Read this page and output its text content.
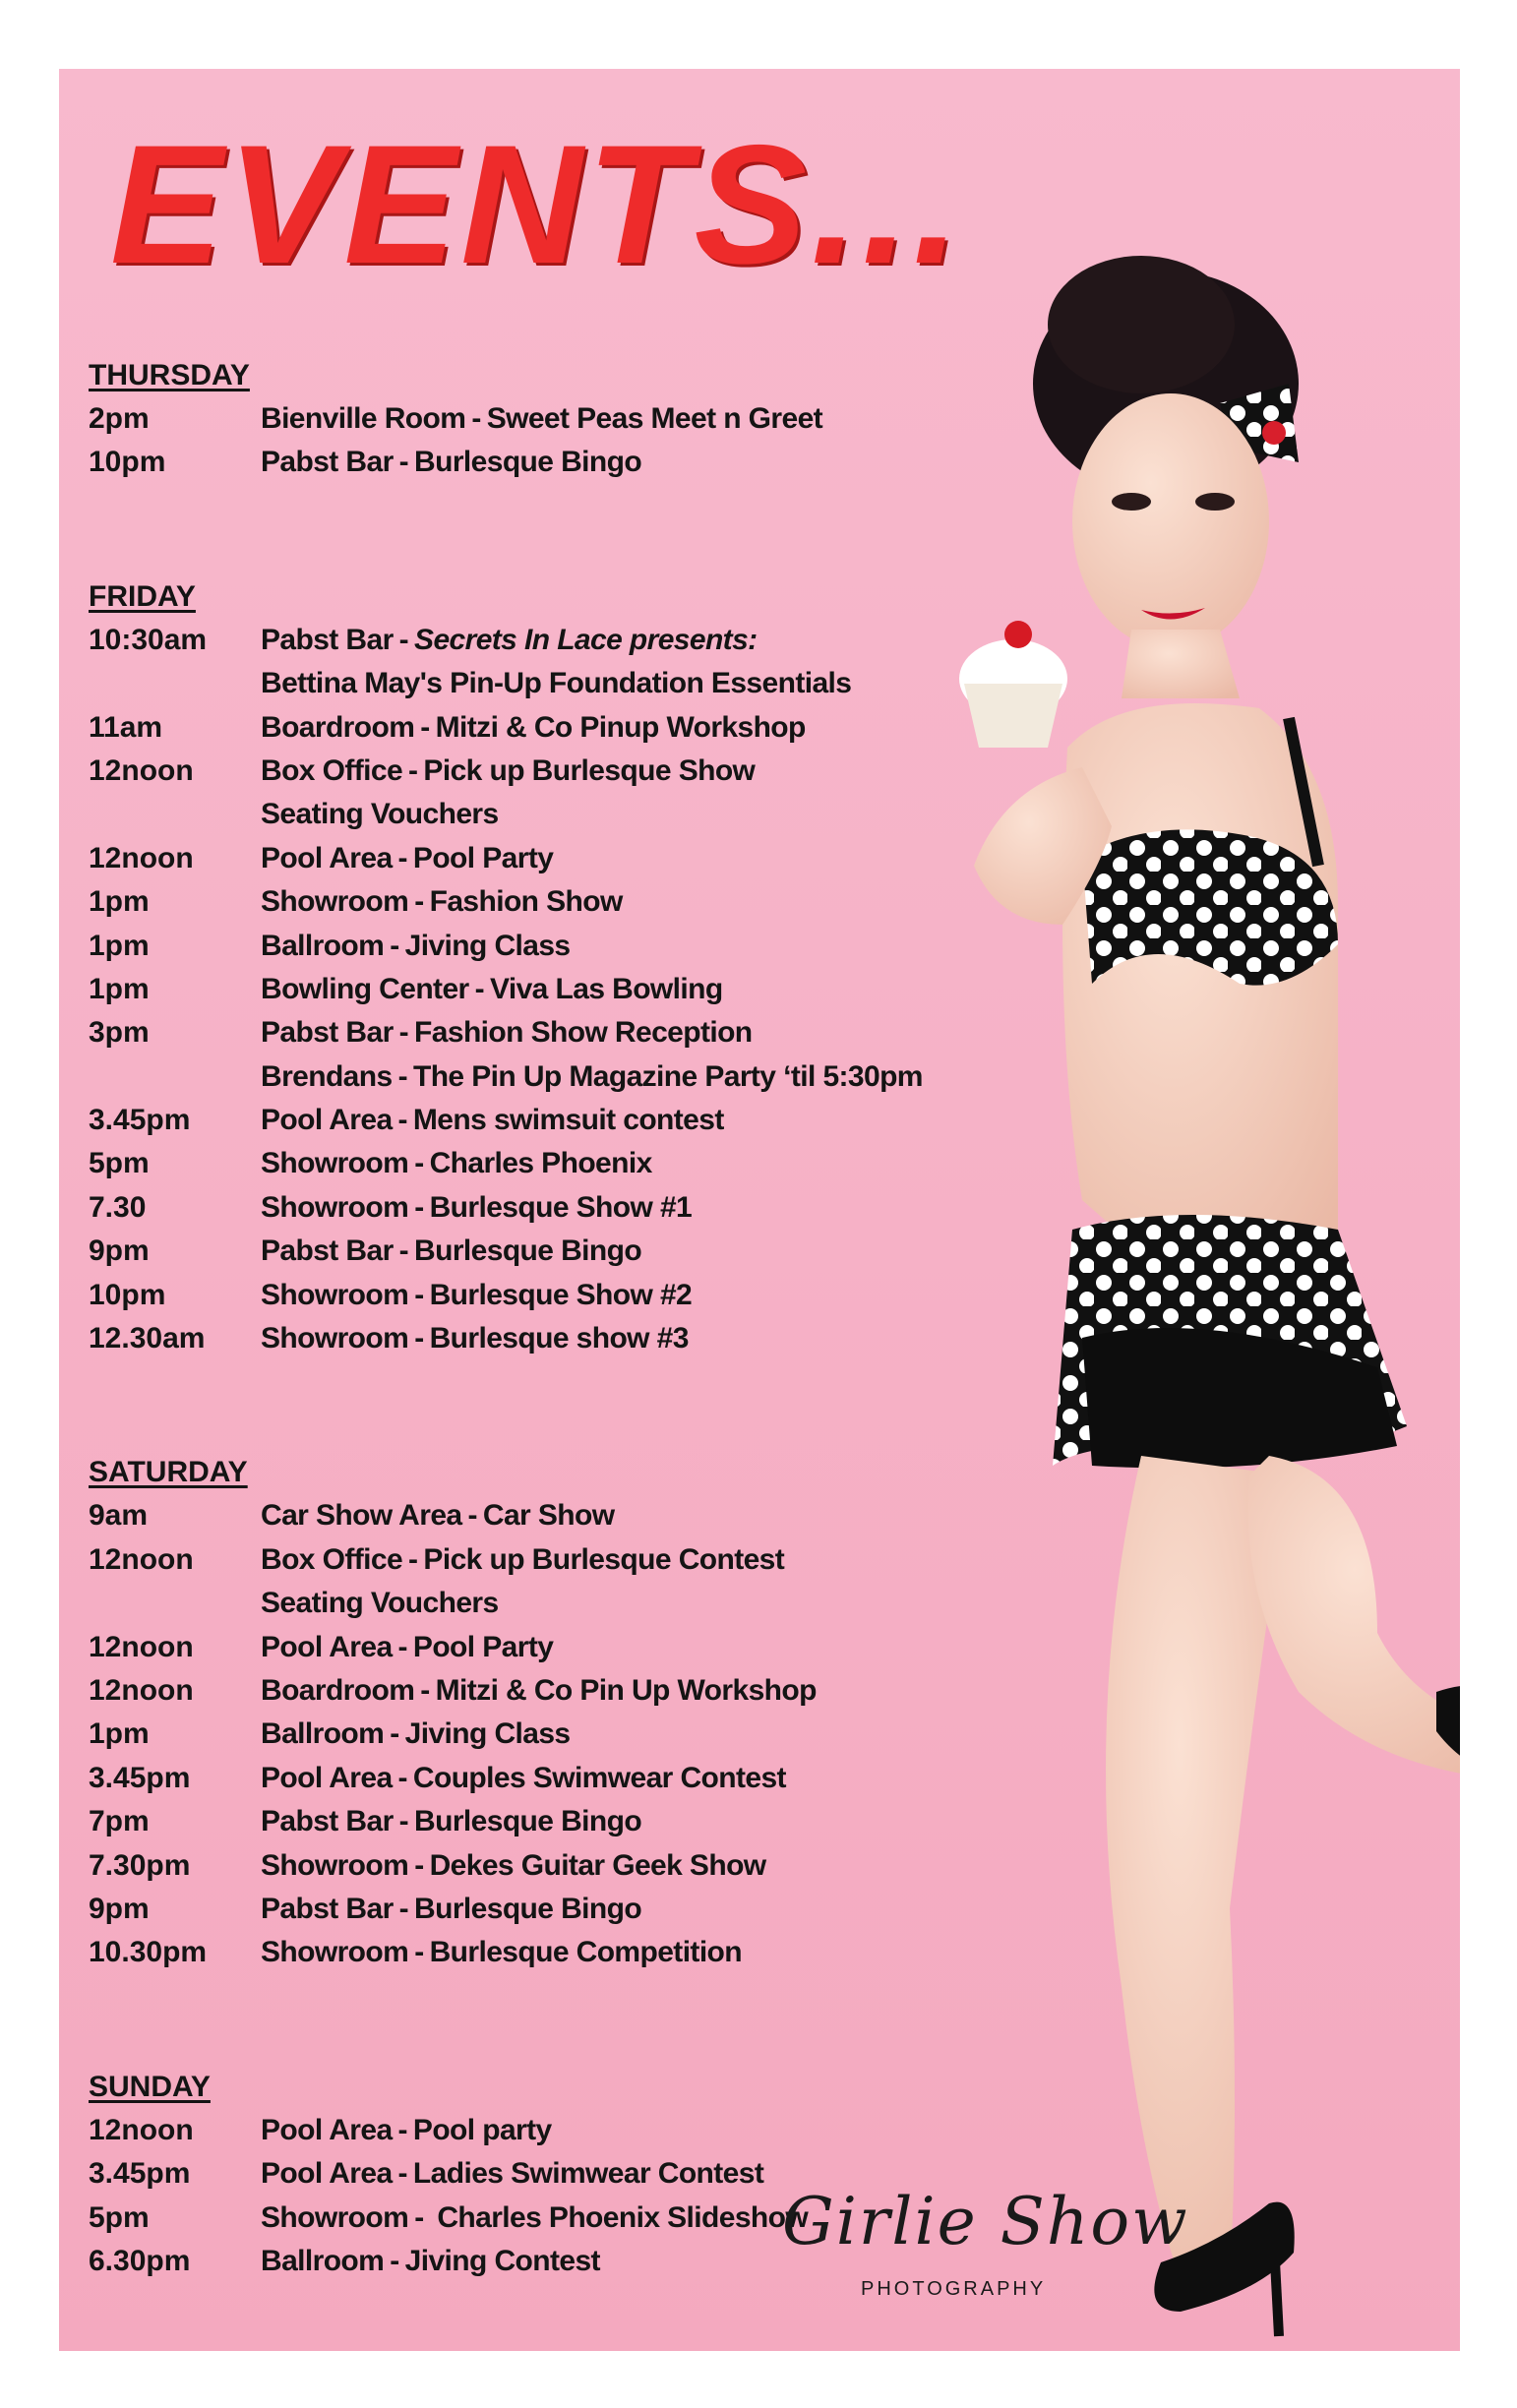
EVENTS...
THURSDAY
2pm	Bienville Room - Sweet Peas Meet n Greet
10pm	Pabst Bar - Burlesque Bingo
FRIDAY
10:30am	Pabst Bar - Secrets In Lace presents:
Bettina May's Pin-Up Foundation Essentials
11am	Boardroom - Mitzi & Co Pinup Workshop
12noon	Box Office - Pick up Burlesque Show
Seating Vouchers
12noon	Pool Area - Pool Party
1pm	Showroom - Fashion Show
1pm	Ballroom - Jiving Class
1pm	Bowling Center - Viva Las Bowling
3pm	Pabst Bar - Fashion Show Reception
Brendans - The Pin Up Magazine Party ‘til 5:30pm
3.45pm	Pool Area - Mens swimsuit contest
5pm	Showroom - Charles Phoenix
7.30	Showroom - Burlesque Show #1
9pm	Pabst Bar - Burlesque Bingo
10pm	Showroom - Burlesque Show #2
12.30am	Showroom - Burlesque show #3
SATURDAY
9am	Car Show Area - Car Show
12noon	Box Office - Pick up Burlesque Contest
Seating Vouchers
12noon	Pool Area - Pool Party
12noon	Boardroom - Mitzi & Co Pin Up Workshop
1pm	Ballroom - Jiving Class
3.45pm	Pool Area - Couples Swimwear Contest
7pm	Pabst Bar - Burlesque Bingo
7.30pm	Showroom - Dekes Guitar Geek Show
9pm	Pabst Bar - Burlesque Bingo
10.30pm	Showroom - Burlesque Competition
SUNDAY
12noon	Pool Area - Pool party
3.45pm	Pool Area - Ladies Swimwear Contest
5pm	Showroom - Charles Phoenix Slideshow
6.30pm	Ballroom - Jiving Contest
Girlie Show
PHOTOGRAPHY
